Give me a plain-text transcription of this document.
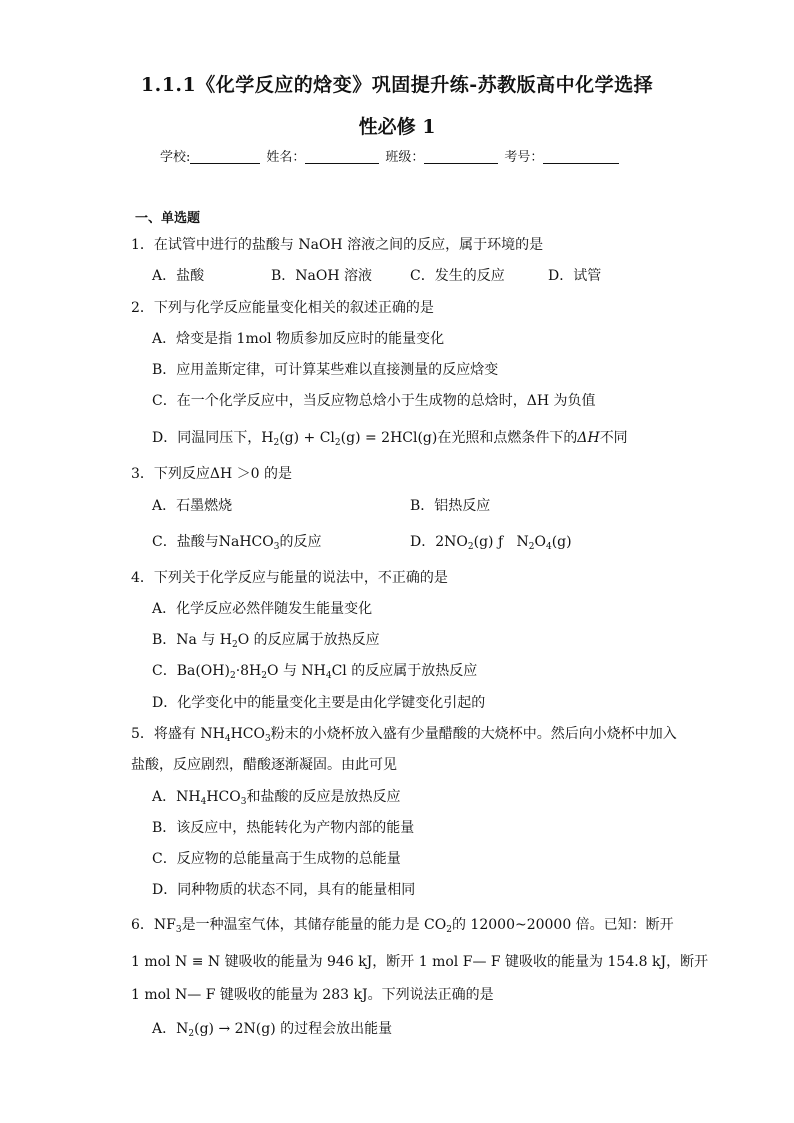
1.1.1《化学反应的焓变》巩固提升练-苏教版高中化学选择
性必修 1
学校:	姓名：	班级：	考号：
一、单选题
1．在试管中进行的盐酸与 NaOH 溶液之间的反应，属于环境的是
A．盐酸	B．NaOH 溶液	C．发生的反应	D．试管
2．下列与化学反应能量变化相关的叙述正确的是
A．焓变是指 1mol 物质参加反应时的能量变化
B．应用盖斯定律，可计算某些难以直接测量的反应焓变
C．在一个化学反应中，当反应物总焓小于生成物的总焓时，ΔH 为负值
D．同温同压下，$H_2(g) + Cl_2(g) = 2HCl(g)$在光照和点燃条件下的ΔH不同
3．下列反应ΔH ＞0 的是
A．石墨燃烧	B．铝热反应
C．盐酸与NaHCO$_3$的反应	D．$2NO_2(g)$ ƒ $N_2O_4(g)$
4．下列关于化学反应与能量的说法中，不正确的是
A．化学反应必然伴随发生能量变化
B．Na 与 $H_2O$ 的反应属于放热反应
C．$Ba(OH)_2\cdot 8H_2O$ 与 $NH_4Cl$ 的反应属于放热反应
D．化学变化中的能量变化主要是由化学键变化引起的
5．将盛有 $NH_4HCO_3$粉末的小烧杯放入盛有少量醋酸的大烧杯中。然后向小烧杯中加入
盐酸，反应剧烈，醋酸逐渐凝固。由此可见
A．$NH_4HCO_3$和盐酸的反应是放热反应
B．该反应中，热能转化为产物内部的能量
C．反应物的总能量高于生成物的总能量
D．同种物质的状态不同，具有的能量相同
6．$NF_3$是一种温室气体，其储存能量的能力是 $CO_2$的 12000~20000 倍。已知：断开
1 mol N ≡ N 键吸收的能量为 946 kJ，断开 1 mol F— F 键吸收的能量为 154.8 kJ，断开
1 mol N— F 键吸收的能量为 283 kJ。下列说法正确的是
A．$N_2(g) \to 2N(g)$ 的过程会放出能量
